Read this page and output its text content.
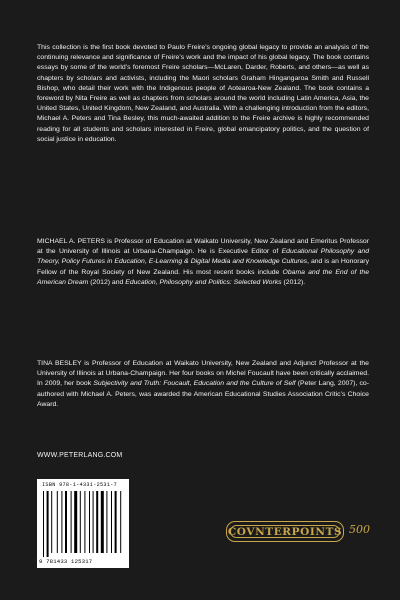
This collection is the first book devoted to Paulo Freire’s ongoing global legacy to provide an analysis of the continuing relevance and significance of Freire’s work and the impact of his global legacy. The book contains essays by some of the world’s foremost Freire scholars—McLaren, Darder, Roberts, and others—as well as chapters by scholars and activists, including the Maori scholars Graham Hingangaroa Smith and Russell Bishop, who detail their work with the Indigenous people of Aotearoa-New Zealand. The book contains a foreword by Nita Freire as well as chapters from scholars around the world including Latin America, Asia, the United States, United Kingdom, New Zealand, and Australia. With a challenging introduction from the editors, Michael A. Peters and Tina Besley, this much-awaited addition to the Freire archive is highly recommended reading for all students and scholars interested in Freire, global emancipatory politics, and the question of social justice in education.

MICHAEL A. PETERS is Professor of Education at Waikato University, New Zealand and Emeritus Professor at the University of Illinois at Urbana-Champaign. He is Executive Editor of Educational Philosophy and Theory, Policy Futures in Education, E-Learning & Digital Media and Knowledge Cultures, and is an Honorary Fellow of the Royal Society of New Zealand. His most recent books include Obama and the End of the American Dream (2012) and Education, Philosophy and Politics: Selected Works (2012).

TINA BESLEY is Professor of Education at Waikato University, New Zealand and Adjunct Professor at the University of Illinois at Urbana-Champaign. Her four books on Michel Foucault have been critically acclaimed. In 2009, her book Subjectivity and Truth: Foucault, Education and the Culture of Self (Peter Lang, 2007), co-authored with Michael A. Peters, was awarded the American Educational Studies Association Critic’s Choice Award.

WWW.PETERLANG.COM
ISBN 978-1-4331-2531-7
9 781433 125317
COVNTERPOINTS 500
